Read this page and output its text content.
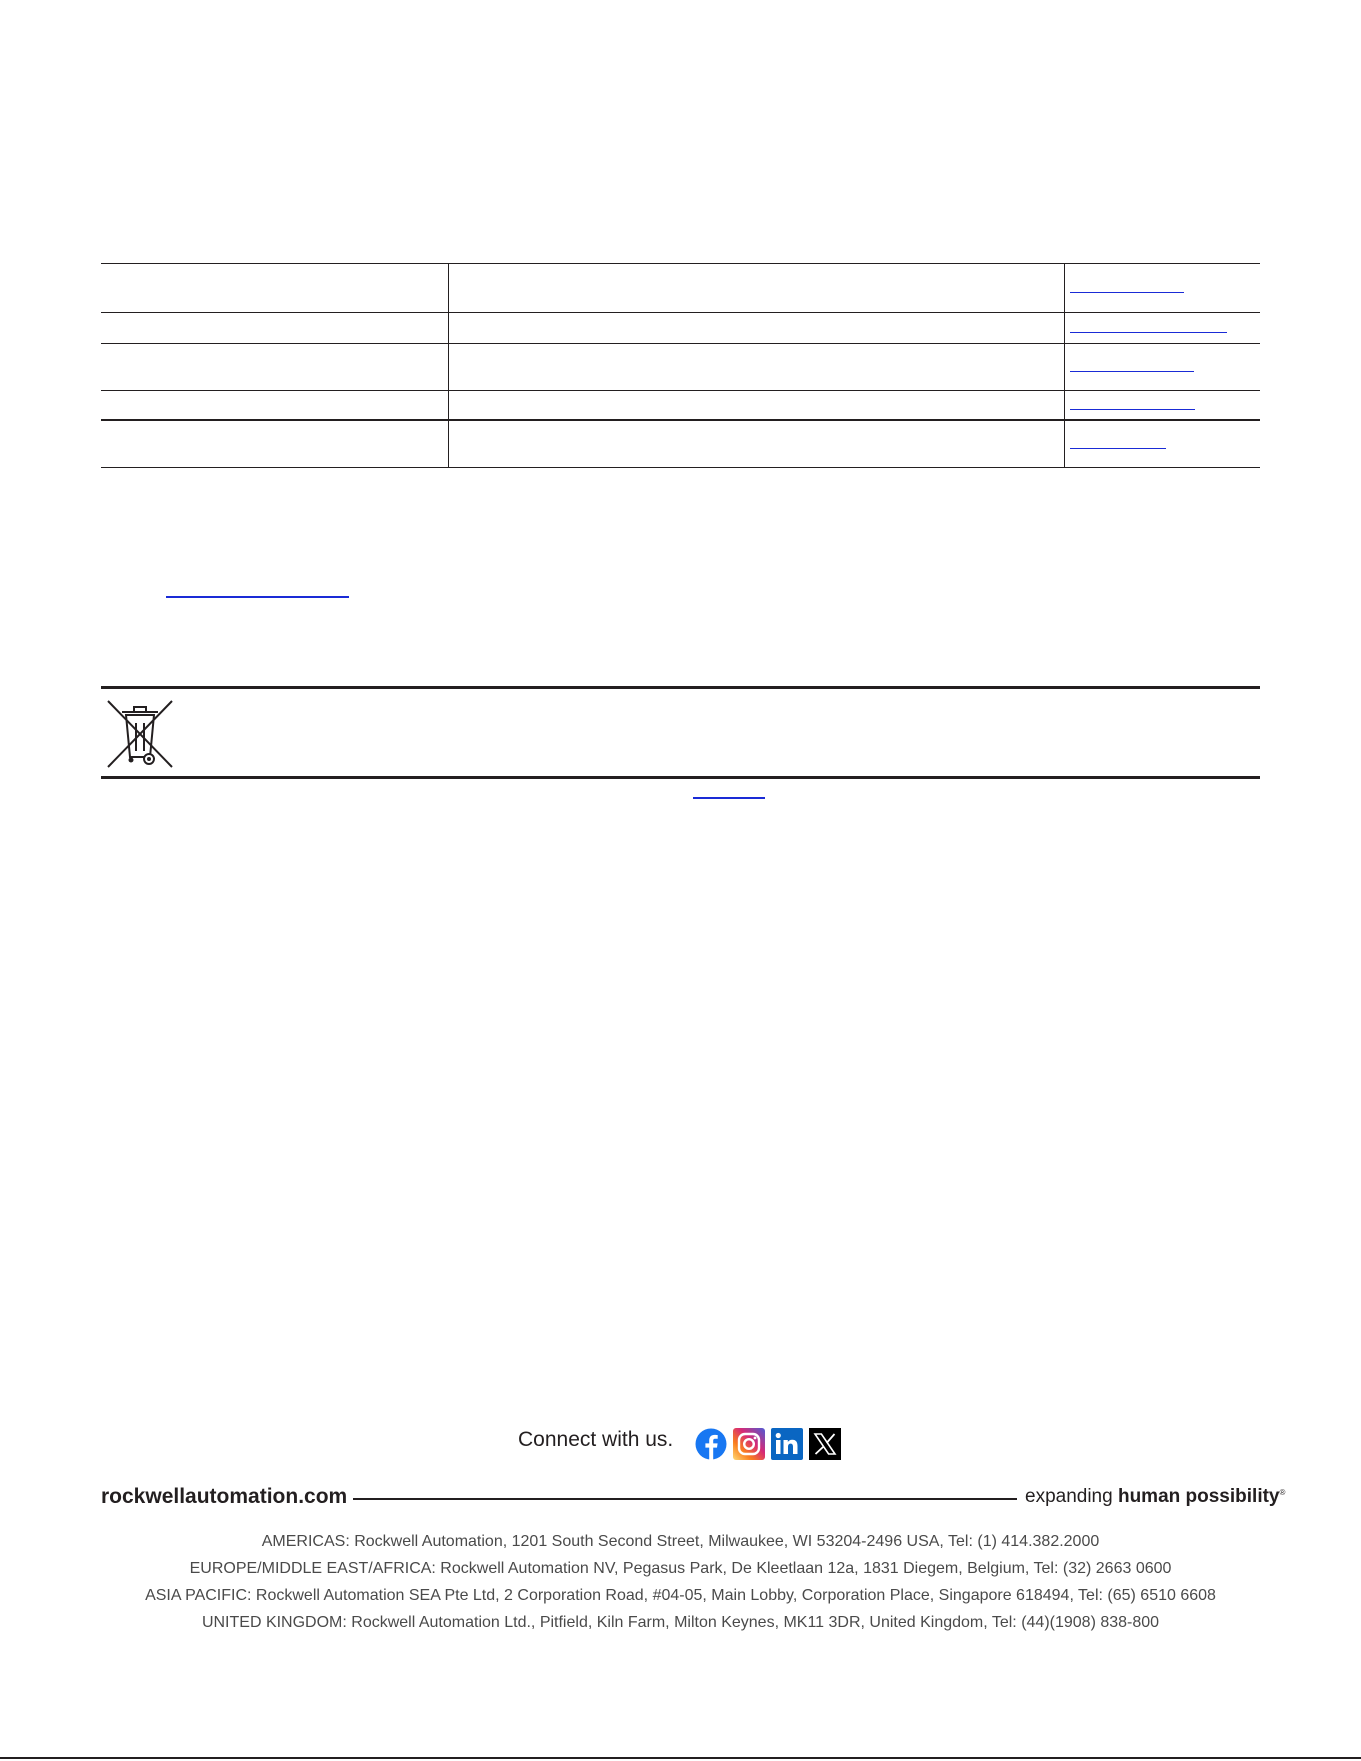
Connect with us.
rockwellautomation.com	expanding human possibility®
AMERICAS: Rockwell Automation, 1201 South Second Street, Milwaukee, WI 53204-2496 USA, Tel: (1) 414.382.2000
EUROPE/MIDDLE EAST/AFRICA: Rockwell Automation NV, Pegasus Park, De Kleetlaan 12a, 1831 Diegem, Belgium, Tel: (32) 2663 0600
ASIA PACIFIC: Rockwell Automation SEA Pte Ltd, 2 Corporation Road, #04-05, Main Lobby, Corporation Place, Singapore 618494, Tel: (65) 6510 6608
UNITED KINGDOM: Rockwell Automation Ltd., Pitfield, Kiln Farm, Milton Keynes, MK11 3DR, United Kingdom, Tel: (44)(1908) 838-800
